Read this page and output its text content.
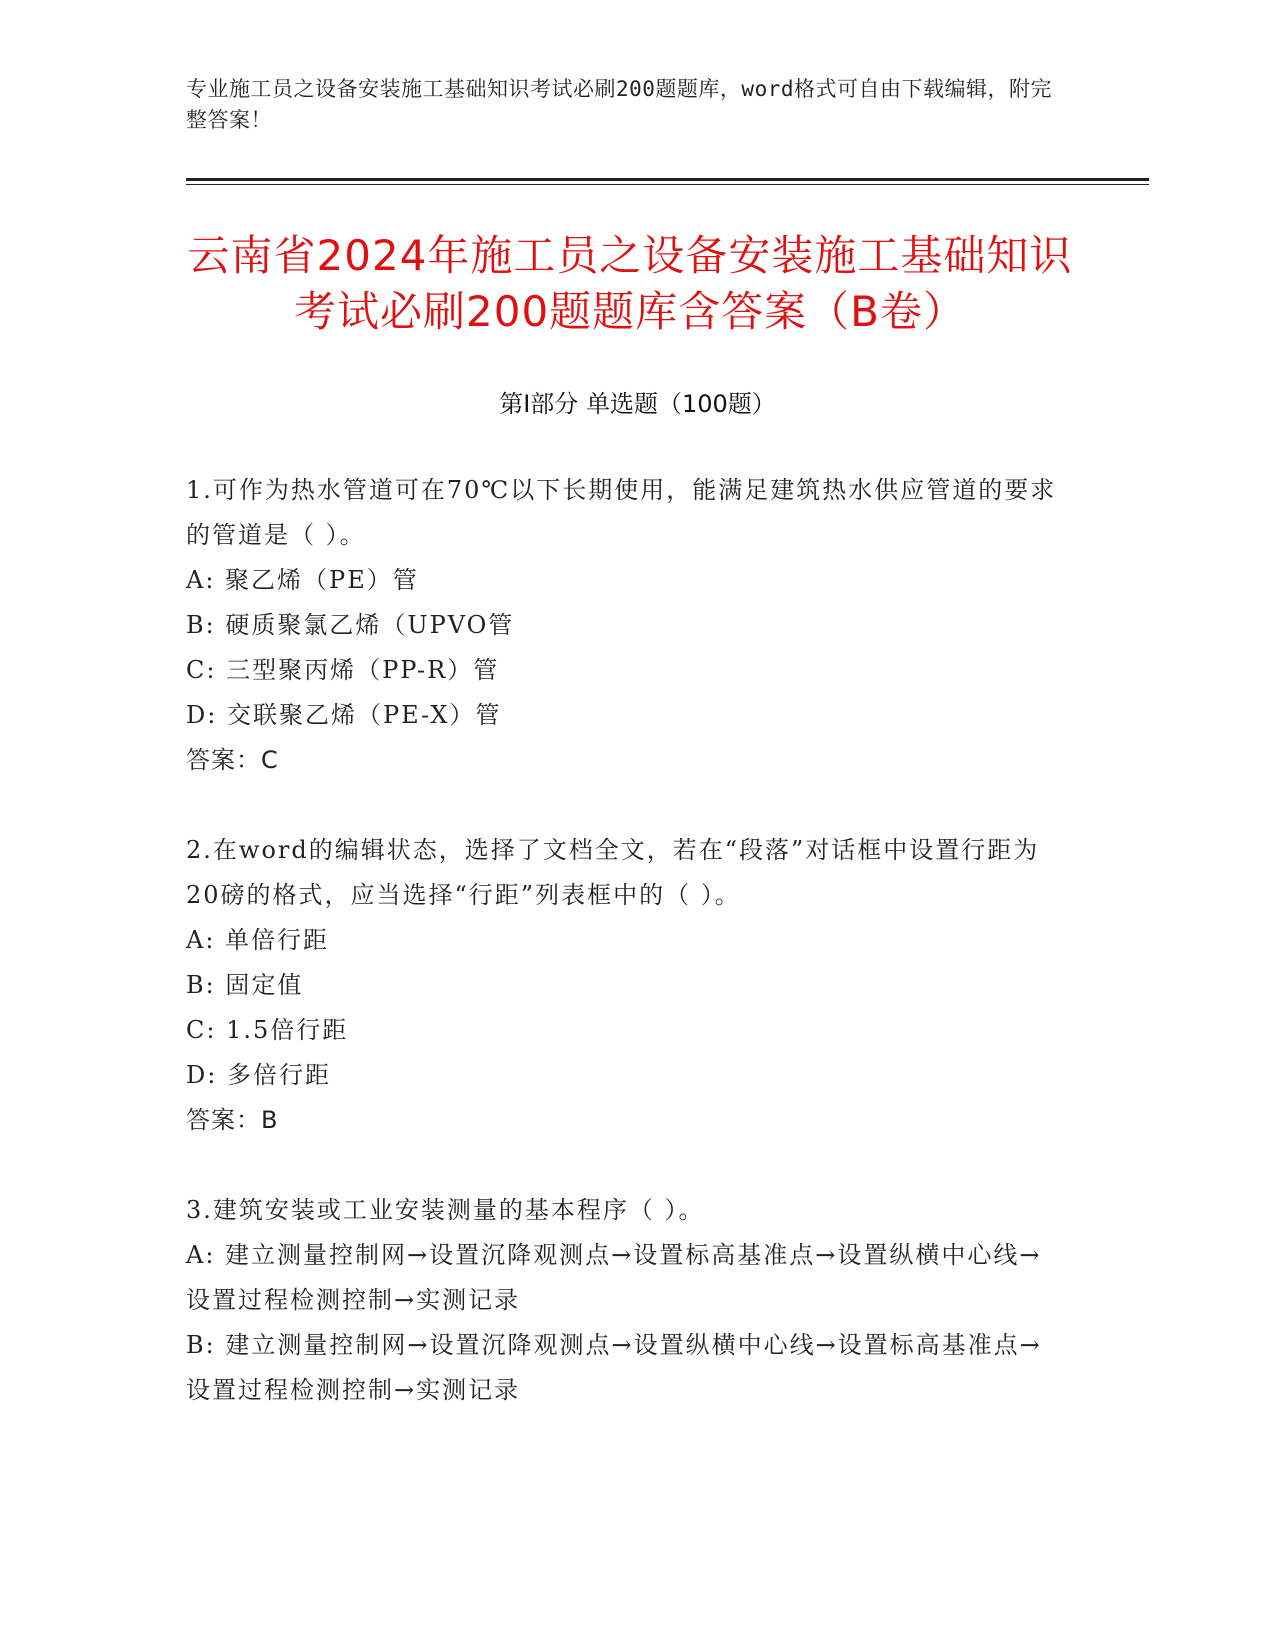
专业施工员之设备安装施工基础知识考试必刷200题题库，word格式可自由下载编辑，附完整答案！
云南省2024年施工员之设备安装施工基础知识考试必刷200题题库含答案（B卷）
第Ⅰ部分 单选题（100题）

1.可作为热水管道可在70℃以下长期使用，能满足建筑热水供应管道的要求的管道是（ ）。

A: 聚乙烯（PE）管

B: 硬质聚氯乙烯（UPVO管

C: 三型聚丙烯（PP-R）管

D: 交联聚乙烯（PE-X）管

答案：C

2.在word的编辑状态，选择了文档全文，若在“段落”对话框中设置行距为20磅的格式，应当选择“行距”列表框中的（ ）。

A: 单倍行距

B: 固定值

C: 1.5倍行距

D: 多倍行距

答案：B

3.建筑安装或工业安装测量的基本程序（ ）。

A: 建立测量控制网→设置沉降观测点→设置标高基准点→设置纵横中心线→设置过程检测控制→实测记录

B: 建立测量控制网→设置沉降观测点→设置纵横中心线→设置标高基准点→设置过程检测控制→实测记录
